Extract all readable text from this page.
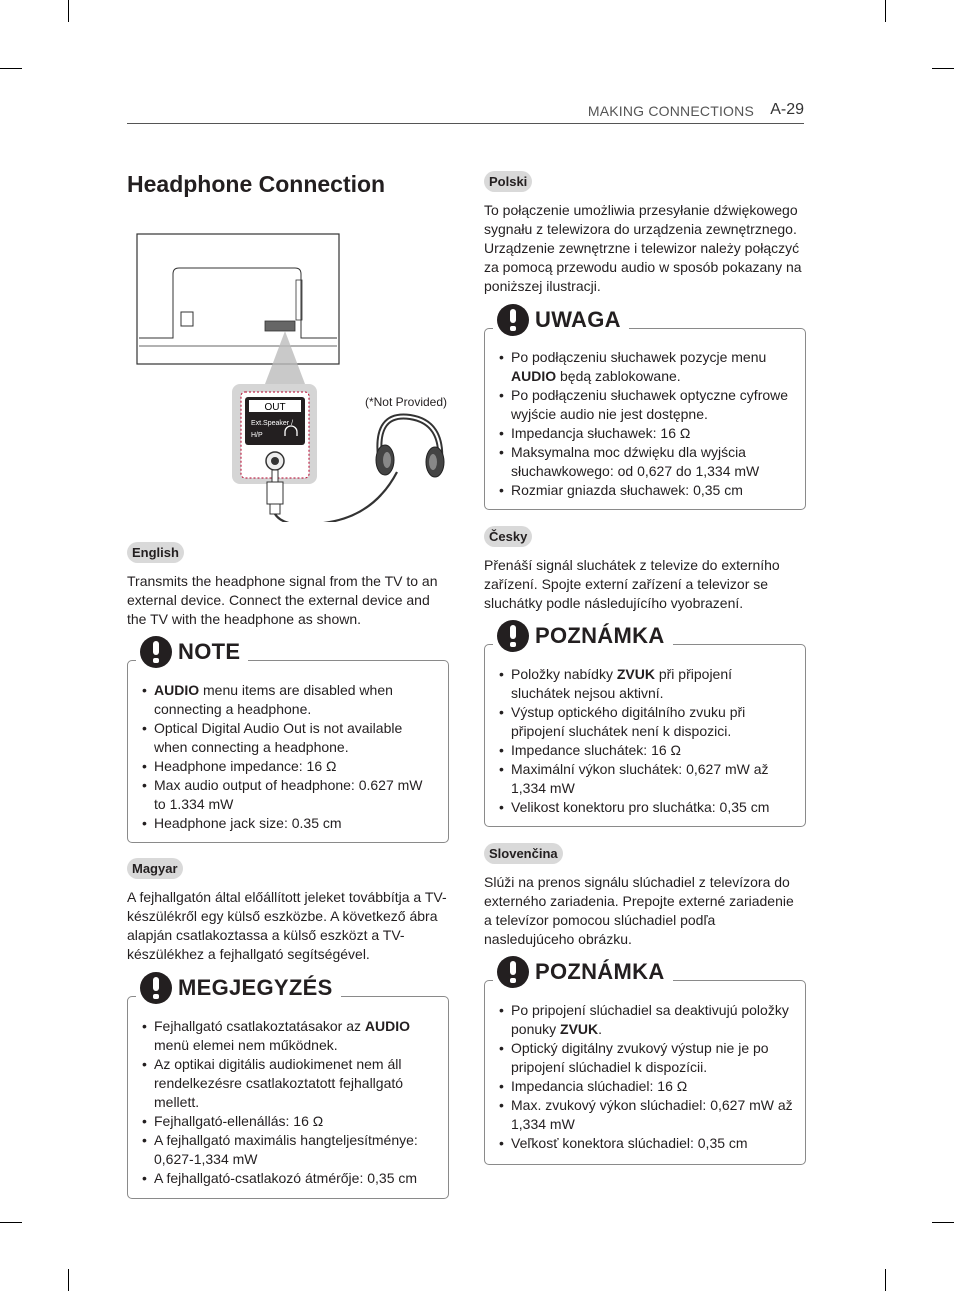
MAKING CONNECTIONS A-29
Headphone Connection
OUT
Ext.Speaker /
H/P
(*Not Provided)
English

Transmits the headphone signal from the TV to an external device. Connect the external device and the TV with the headphone as shown.

NOTE
• AUDIO menu items are disabled when connecting a headphone.
• Optical Digital Audio Out is not available when connecting a headphone.
• Headphone impedance: 16 Ω
• Max audio output of headphone: 0.627 mW to 1.334 mW
• Headphone jack size: 0.35 cm
Magyar

A fejhallgatón által előállított jeleket továbbítja a TV-készülékről egy külső eszközbe. A következő ábra alapján csatlakoztassa a külső eszközt a TV-készülékhez a fejhallgató segítségével.

MEGJEGYZÉS
• Fejhallgató csatlakoztatásakor az AUDIO menü elemei nem működnek.
• Az optikai digitális audiokimenet nem áll rendelkezésre csatlakoztatott fejhallgató mellett.
• Fejhallgató-ellenállás: 16 Ω
• A fejhallgató maximális hangteljesítménye: 0,627-1,334 mW
• A fejhallgató-csatlakozó átmérője: 0,35 cm
Polski

To połączenie umożliwia przesyłanie dźwiękowego sygnału z telewizora do urządzenia zewnętrznego. Urządzenie zewnętrzne i telewizor należy połączyć za pomocą przewodu audio w sposób pokazany na poniższej ilustracji.

UWAGA
• Po podłączeniu słuchawek pozycje menu AUDIO będą zablokowane.
• Po podłączeniu słuchawek optyczne cyfrowe wyjście audio nie jest dostępne.
• Impedancja słuchawek: 16 Ω
• Maksymalna moc dźwięku dla wyjścia słuchawkowego: od 0,627 do 1,334 mW
• Rozmiar gniazda słuchawek: 0,35 cm
Česky

Přenáší signál sluchátek z televize do externího zařízení. Spojte externí zařízení a televizor se sluchátky podle následujícího vyobrazení.

POZNÁMKA
• Položky nabídky ZVUK při připojení sluchátek nejsou aktivní.
• Výstup optického digitálního zvuku při připojení sluchátek není k dispozici.
• Impedance sluchátek: 16 Ω
• Maximální výkon sluchátek: 0,627 mW až 1,334 mW
• Velikost konektoru pro sluchátka: 0,35 cm
Slovenčina

Slúži na prenos signálu slúchadiel z televízora do externého zariadenia. Prepojte externé zariadenie a televízor pomocou slúchadiel podľa nasledujúceho obrázku.

POZNÁMKA
• Po pripojení slúchadiel sa deaktivujú položky ponuky ZVUK.
• Optický digitálny zvukový výstup nie je po pripojení slúchadiel k dispozícii.
• Impedancia slúchadiel: 16 Ω
• Max. zvukový výkon slúchadiel: 0,627 mW až 1,334 mW
• Veľkosť konektora slúchadiel: 0,35 cm
